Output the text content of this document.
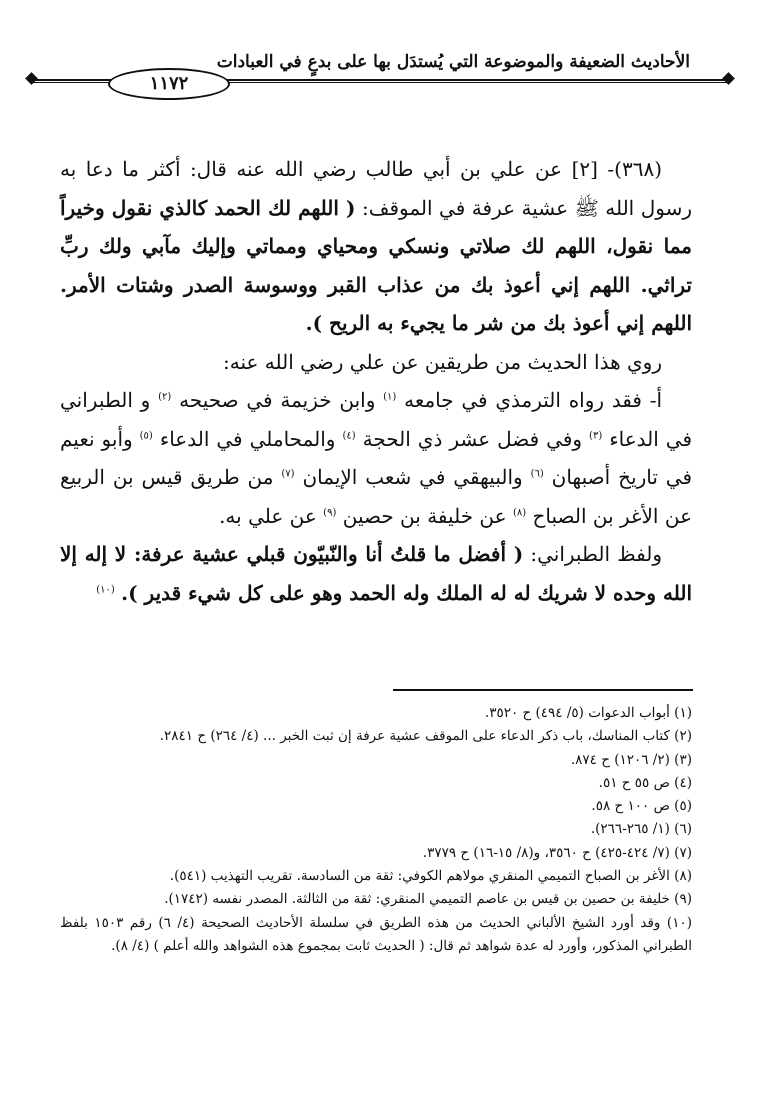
الأحاديث الضعيفة والموضوعة التي يُستدَل بها على بدعٍ في العبادات
١١٧٢

(٣٦٨)- [٢] عن علي بن أبي طالب رضي الله عنه قال: أكثر ما دعا به رسول الله ﷺ عشية عرفة في الموقف: ( اللهم لك الحمد كالذي نقول وخيراً مما نقول، اللهم لك صلاتي ونسكي ومحياي ومماتي وإليك مآبي ولك ربِّ تراثي. اللهم إني أعوذ بك من عذاب القبر ووسوسة الصدر وشتات الأمر. اللهم إني أعوذ بك من شر ما يجيء به الريح ).

روي هذا الحديث من طريقين عن علي رضي الله عنه:

أ- فقد رواه الترمذي في جامعه $^{(١)}$ وابن خزيمة في صحيحه $^{(٢)}$ و الطبراني في الدعاء $^{(٣)}$ وفي فضل عشر ذي الحجة $^{(٤)}$ والمحاملي في الدعاء $^{(٥)}$ وأبو نعيم في تاريخ أصبهان $^{(٦)}$ والبيهقي في شعب الإيمان $^{(٧)}$ من طريق قيس بن الربيع عن الأغر بن الصباح $^{(٨)}$ عن خليفة بن حصين $^{(٩)}$ عن علي به.

ولفظ الطبراني: ( أفضل ما قلتُ أنا والنّبيّون قبلي عشية عرفة: لا إله إلا الله وحده لا شريك له له الملك وله الحمد وهو على كل شيء قدير ). $^{(١٠)}$

(١) أبواب الدعوات (٥/ ٤٩٤) ح ٣٥٢٠.

(٢) كتاب المناسك، باب ذكر الدعاء على الموقف عشية عرفة إن ثبت الخبر ... (٤/ ٢٦٤) ح ٢٨٤١.

(٣) (٢/ ١٢٠٦) ح ٨٧٤.

(٤) ص ٥٥ ح ٥١.

(٥) ص ١٠٠ ح ٥٨.

(٦) (١/ ٢٦٥-٢٦٦).

(٧) (٧/ ٤٢٤-٤٢٥) ح ٣٥٦٠، و(٨/ ١٥-١٦) ح ٣٧٧٩.

(٨) الأغر بن الصباح التميمي المنقري مولاهم الكوفي: ثقة من السادسة. تقريب التهذيب (٥٤١).

(٩) خليفة بن حصين بن قيس بن عاصم التميمي المنقري: ثقة من الثالثة. المصدر نفسه (١٧٤٢).

(١٠) وقد أورد الشيخ الألباني الحديث من هذه الطريق في سلسلة الأحاديث الصحيحة (٤/ ٦) رقم ١٥٠٣ بلفظ الطبراني المذكور، وأورد له عدة شواهد ثم قال: ( الحديث ثابت بمجموع هذه الشواهد والله أعلم ) (٤/ ٨).
